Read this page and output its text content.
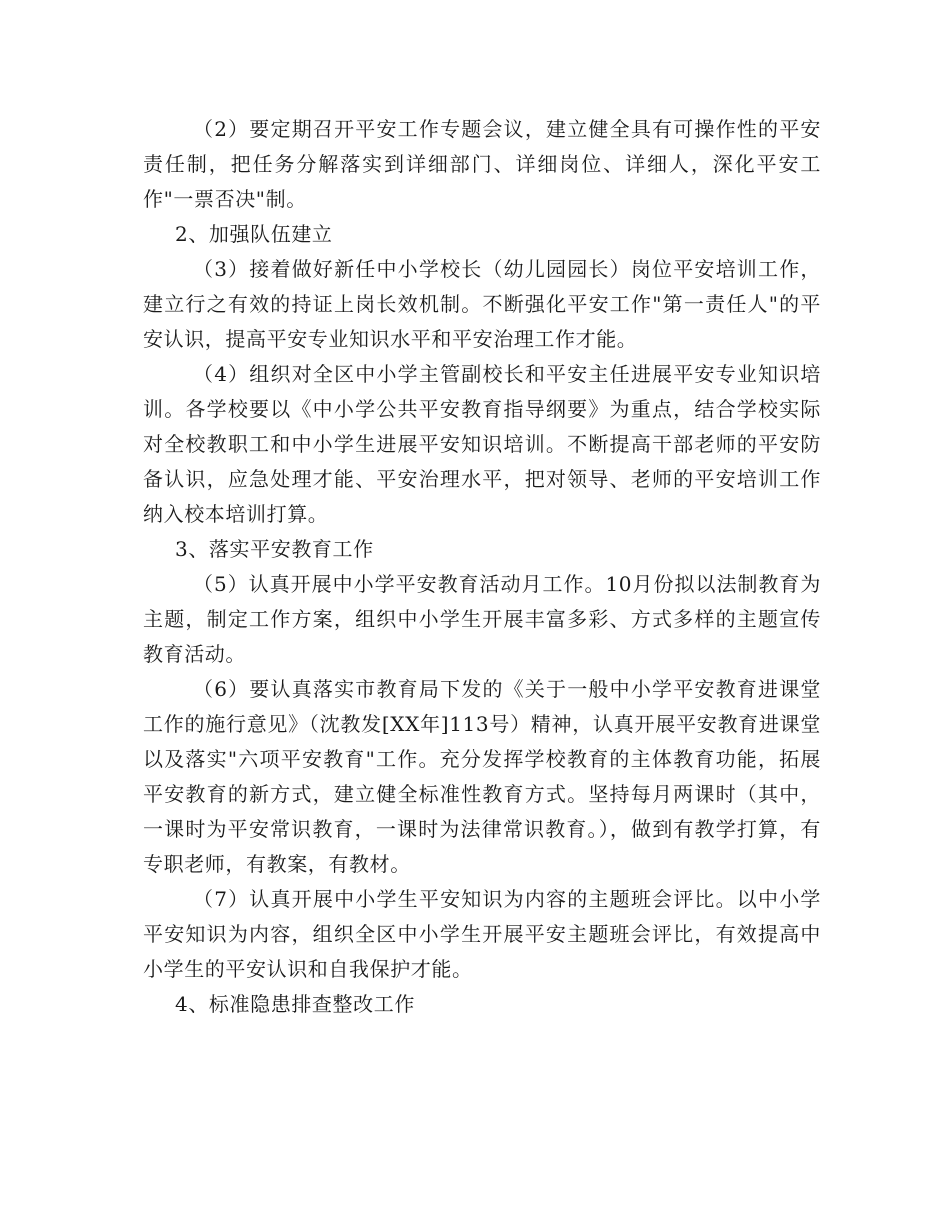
（2）要定期召开平安工作专题会议，建立健全具有可操作性的平安责任制，把任务分解落实到详细部门、详细岗位、详细人，深化平安工作"一票否决"制。

2、加强队伍建立

（3）接着做好新任中小学校长（幼儿园园长）岗位平安培训工作，建立行之有效的持证上岗长效机制。不断强化平安工作"第一责任人"的平安认识，提高平安专业知识水平和平安治理工作才能。

（4）组织对全区中小学主管副校长和平安主任进展平安专业知识培训。各学校要以《中小学公共平安教育指导纲要》为重点，结合学校实际对全校教职工和中小学生进展平安知识培训。不断提高干部老师的平安防备认识，应急处理才能、平安治理水平，把对领导、老师的平安培训工作纳入校本培训打算。

3、落实平安教育工作

（5）认真开展中小学平安教育活动月工作。10月份拟以法制教育为主题，制定工作方案，组织中小学生开展丰富多彩、方式多样的主题宣传教育活动。

（6）要认真落实市教育局下发的《关于一般中小学平安教育进课堂工作的施行意见》（沈教发[XX年]113号）精神，认真开展平安教育进课堂以及落实"六项平安教育"工作。充分发挥学校教育的主体教育功能，拓展平安教育的新方式，建立健全标准性教育方式。坚持每月两课时（其中，一课时为平安常识教育，一课时为法律常识教育。），做到有教学打算，有专职老师，有教案，有教材。

（7）认真开展中小学生平安知识为内容的主题班会评比。以中小学平安知识为内容，组织全区中小学生开展平安主题班会评比，有效提高中小学生的平安认识和自我保护才能。

4、标准隐患排查整改工作
